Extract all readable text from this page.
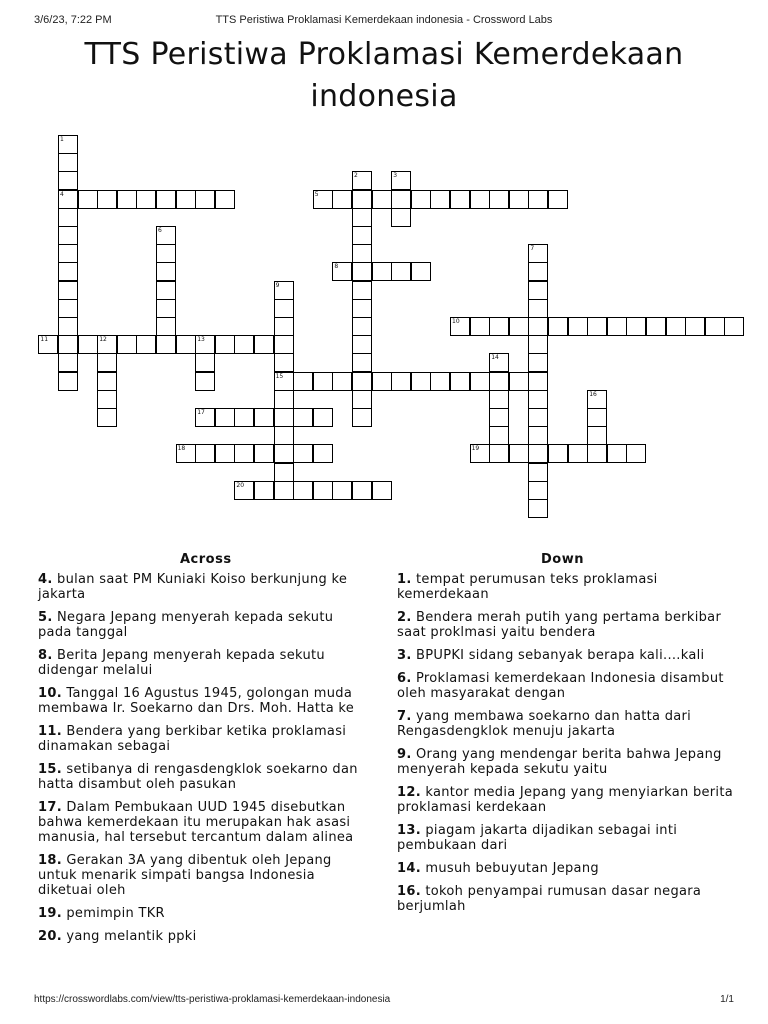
3/6/23, 7:22 PM	TTS Peristiwa Proklamasi Kemerdekaan indonesia - Crossword Labs
TTS Peristiwa Proklamasi Kemerdekaan indonesia
1
4
2	3
5
6
7
8
9
15
10
11	12	13
14
16
17
18	19
20
Across	Down
4. bulan saat PM Kuniaki Koiso berkunjung ke jakarta
5. Negara Jepang menyerah kepada sekutu pada tanggal
8. Berita Jepang menyerah kepada sekutu didengar melalui
10. Tanggal 16 Agustus 1945, golongan muda membawa Ir. Soekarno dan Drs. Moh. Hatta ke
11. Bendera yang berkibar ketika proklamasi dinamakan sebagai
15. setibanya di rengasdengklok soekarno dan hatta disambut oleh pasukan
17. Dalam Pembukaan UUD 1945 disebutkan bahwa kemerdekaan itu merupakan hak asasi manusia, hal tersebut tercantum dalam alinea
18. Gerakan 3A yang dibentuk oleh Jepang untuk menarik simpati bangsa Indonesia diketuai oleh
19. pemimpin TKR
20. yang melantik ppki
1. tempat perumusan teks proklamasi kemerdekaan
2. Bendera merah putih yang pertama berkibar saat proklmasi yaitu bendera
3. BPUPKI sidang sebanyak berapa kali....kali
6. Proklamasi kemerdekaan Indonesia disambut oleh masyarakat dengan
7. yang membawa soekarno dan hatta dari Rengasdengklok menuju jakarta
9. Orang yang mendengar berita bahwa Jepang menyerah kepada sekutu yaitu
12. kantor media Jepang yang menyiarkan berita proklamasi kerdekaan
13. piagam jakarta dijadikan sebagai inti pembukaan dari
14. musuh bebuyutan Jepang
16. tokoh penyampai rumusan dasar negara berjumlah
https://crosswordlabs.com/view/tts-peristiwa-proklamasi-kemerdekaan-indonesia	1/1
